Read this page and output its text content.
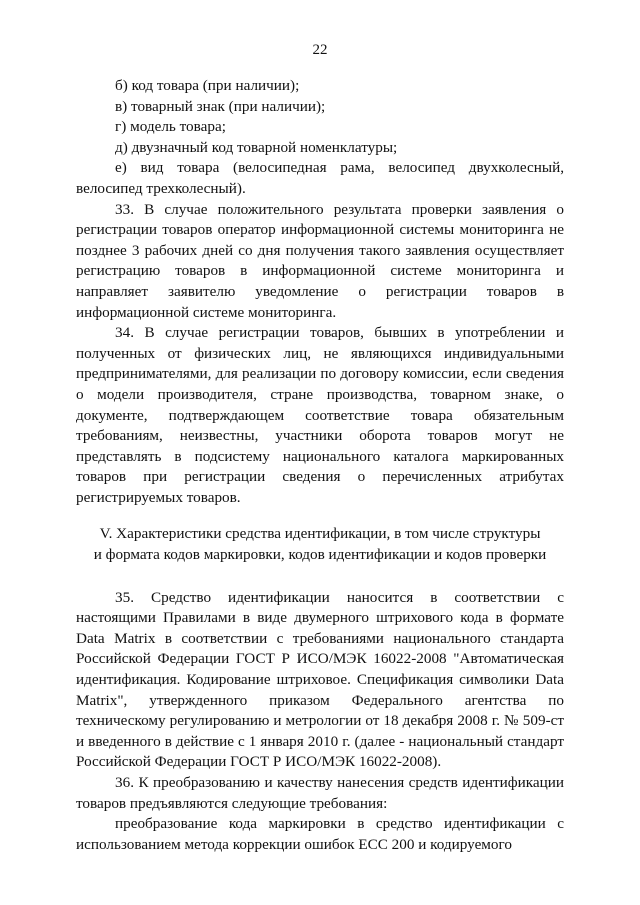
22

б) код товара (при наличии);

в) товарный знак (при наличии);

г) модель товара;

д) двузначный код товарной номенклатуры;

е) вид товара (велосипедная рама, велосипед двухколесный, велосипед трехколесный).

33. В случае положительного результата проверки заявления о регистрации товаров оператор информационной системы мониторинга не позднее 3 рабочих дней со дня получения такого заявления осуществляет регистрацию товаров в информационной системе мониторинга и направляет заявителю уведомление о регистрации товаров в информационной системе мониторинга.

34. В случае регистрации товаров, бывших в употреблении и полученных от физических лиц, не являющихся индивидуальными предпринимателями, для реализации по договору комиссии, если сведения о модели производителя, стране производства, товарном знаке, о документе, подтверждающем соответствие товара обязательным требованиям, неизвестны, участники оборота товаров могут не представлять в подсистему национального каталога маркированных товаров при регистрации сведения о перечисленных атрибутах регистрируемых товаров.

V. Характеристики средства идентификации, в том числе структуры
и формата кодов маркировки, кодов идентификации и кодов проверки

35. Средство идентификации наносится в соответствии с настоящими Правилами в виде двумерного штрихового кода в формате Data Matrix в соответствии с требованиями национального стандарта Российской Федерации ГОСТ Р ИСО/МЭК 16022-2008 "Автоматическая идентификация. Кодирование штриховое. Спецификация символики Data Matrix", утвержденного приказом Федерального агентства по техническому регулированию и метрологии от 18 декабря 2008 г. № 509-ст и введенного в действие с 1 января 2010 г. (далее - национальный стандарт Российской Федерации ГОСТ Р ИСО/МЭК 16022-2008).

36. К преобразованию и качеству нанесения средств идентификации товаров предъявляются следующие требования:

преобразование кода маркировки в средство идентификации с использованием метода коррекции ошибок ЕСС 200 и кодируемого
